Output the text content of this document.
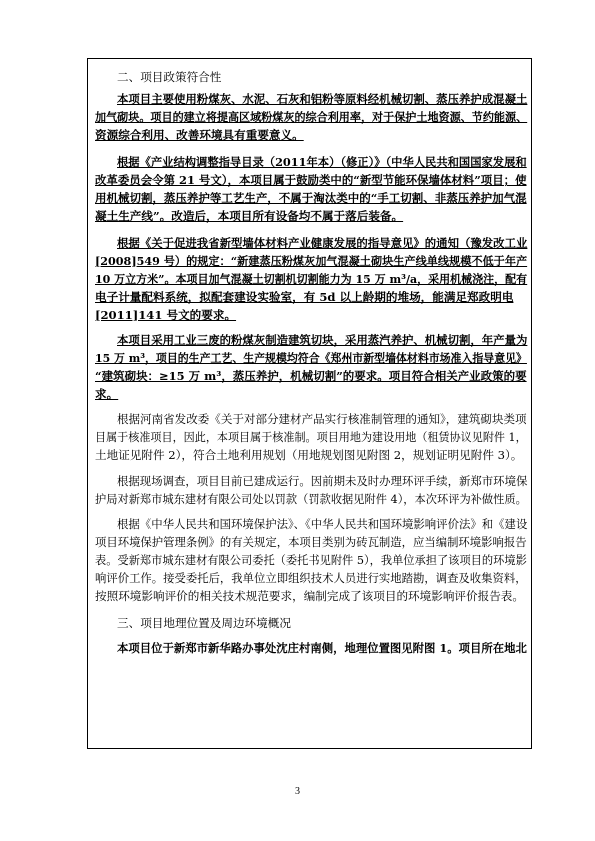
二、项目政策符合性
本项目主要使用粉煤灰、水泥、石灰和铝粉等原料经机械切割、蒸压养护成混凝土
加气砌块。项目的建立将提高区域粉煤灰的综合利用率，对于保护土地资源、节约能源、
资源综合利用、改善环境具有重要意义。
根据《产业结构调整指导目录（2011年本）（修正）》（中华人民共和国国家发展和
改革委员会令第 21 号文），本项目属于鼓励类中的“新型节能环保墙体材料”项目；使
用机械切割，蒸压养护等工艺生产，不属于淘汰类中的“手工切割、非蒸压养护加气混
凝土生产线”。改造后，本项目所有设备均不属于落后装备。
根据《关于促进我省新型墙体材料产业健康发展的指导意见》的通知（豫发改工业
[2008]549 号）的规定：“新建蒸压粉煤灰加气混凝土砌块生产线单线规模不低于年产
10 万立方米”。本项目加气混凝土切割机切割能力为 15 万 m³/a，采用机械浇注，配有
电子计量配料系统，拟配套建设实验室，有 5d 以上龄期的堆场，能满足郑政明电
[2011]141 号文的要求。
本项目采用工业三废的粉煤灰制造建筑切块，采用蒸汽养护、机械切割，年产量为
15 万 m³，项目的生产工艺、生产规模均符合《郑州市新型墙体材料市场准入指导意见》
“建筑砌块：≥15 万 m³，蒸压养护，机械切割”的要求。项目符合相关产业政策的要
求。
根据河南省发改委《关于对部分建材产品实行核准制管理的通知》，建筑砌块类项
目属于核准项目，因此，本项目属于核准制。项目用地为建设用地（租赁协议见附件 1，
土地证见附件 2），符合土地利用规划（用地规划图见附图 2，规划证明见附件 3）。
根据现场调查，项目目前已建成运行。因前期未及时办理环评手续，新郑市环境保
护局对新郑市城东建材有限公司处以罚款（罚款收据见附件 4），本次环评为补做性质。
根据《中华人民共和国环境保护法》、《中华人民共和国环境影响评价法》和《建设
项目环境保护管理条例》的有关规定，本项目类别为砖瓦制造，应当编制环境影响报告
表。受新郑市城东建材有限公司委托（委托书见附件 5），我单位承担了该项目的环境影
响评价工作。接受委托后，我单位立即组织技术人员进行实地踏勘，调查及收集资料，
按照环境影响评价的相关技术规范要求，编制完成了该项目的环境影响评价报告表。
三、项目地理位置及周边环境概况
本项目位于新郑市新华路办事处沈庄村南侧，地理位置图见附图 1。项目所在地北
3
